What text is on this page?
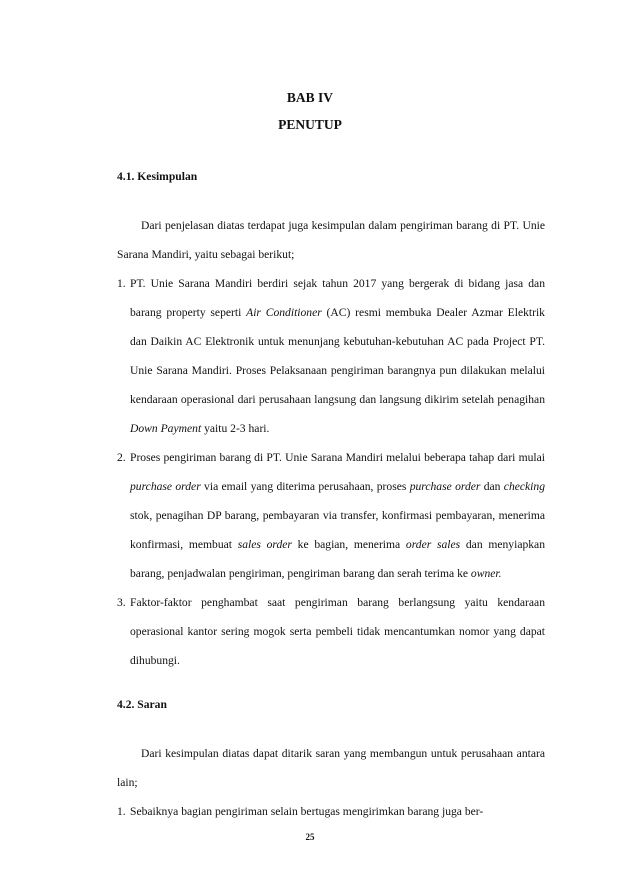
BAB IV
PENUTUP
4.1. Kesimpulan

Dari penjelasan diatas terdapat juga kesimpulan dalam pengiriman barang di PT. Unie Sarana Mandiri, yaitu sebagai berikut;

1. PT. Unie Sarana Mandiri berdiri sejak tahun 2017 yang bergerak di bidang jasa dan barang property seperti Air Conditioner (AC) resmi membuka Dealer Azmar Elektrik dan Daikin AC Elektronik untuk menunjang kebutuhan-kebutuhan AC pada Project PT. Unie Sarana Mandiri. Proses Pelaksanaan pengiriman barangnya pun dilakukan melalui kendaraan operasional dari perusahaan langsung dan langsung dikirim setelah penagihan Down Payment yaitu 2-3 hari.
2. Proses pengiriman barang di PT. Unie Sarana Mandiri melalui beberapa tahap dari mulai purchase order via email yang diterima perusahaan, proses purchase order dan checking stok, penagihan DP barang, pembayaran via transfer, konfirmasi pembayaran, menerima konfirmasi, membuat sales order ke bagian, menerima order sales dan menyiapkan barang, penjadwalan pengiriman, pengiriman barang dan serah terima ke owner.
3. Faktor-faktor penghambat saat pengiriman barang berlangsung yaitu kendaraan operasional kantor sering mogok serta pembeli tidak mencantumkan nomor yang dapat dihubungi.
4.2. Saran

Dari kesimpulan diatas dapat ditarik saran yang membangun untuk perusahaan antara lain;

1. Sebaiknya bagian pengiriman selain bertugas mengirimkan barang juga ber-
25
